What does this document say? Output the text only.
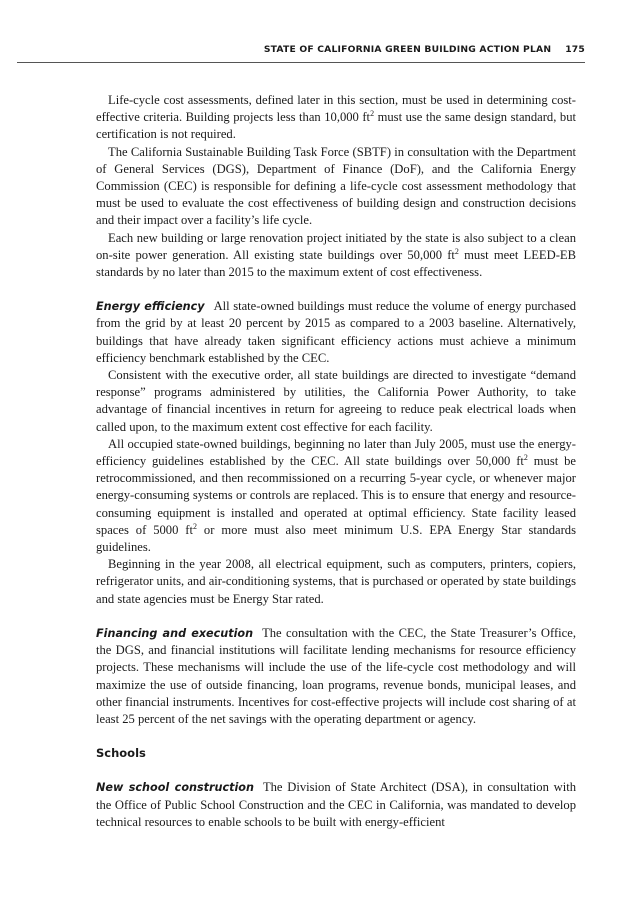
STATE OF CALIFORNIA GREEN BUILDING ACTION PLAN 175

Life-cycle cost assessments, defined later in this section, must be used in determining cost-effective criteria. Building projects less than 10,000 $ft^2$ must use the same design standard, but certification is not required.

The California Sustainable Building Task Force (SBTF) in consultation with the Department of General Services (DGS), Department of Finance (DoF), and the California Energy Commission (CEC) is responsible for defining a life-cycle cost assessment methodology that must be used to evaluate the cost effectiveness of building design and construction decisions and their impact over a facility’s life cycle.

Each new building or large renovation project initiated by the state is also subject to a clean on-site power generation. All existing state buildings over 50,000 $ft^2$ must meet LEED-EB standards by no later than 2015 to the maximum extent of cost effectiveness.

Energy efficiency All state-owned buildings must reduce the volume of energy purchased from the grid by at least 20 percent by 2015 as compared to a 2003 baseline. Alternatively, buildings that have already taken significant efficiency actions must achieve a minimum efficiency benchmark established by the CEC.

Consistent with the executive order, all state buildings are directed to investigate “demand response” programs administered by utilities, the California Power Authority, to take advantage of financial incentives in return for agreeing to reduce peak electrical loads when called upon, to the maximum extent cost effective for each facility.

All occupied state-owned buildings, beginning no later than July 2005, must use the energy-efficiency guidelines established by the CEC. All state buildings over 50,000 $ft^2$ must be retrocommissioned, and then recommissioned on a recurring 5-year cycle, or whenever major energy-consuming systems or controls are replaced. This is to ensure that energy and resource-consuming equipment is installed and operated at optimal efficiency. State facility leased spaces of 5000 $ft^2$ or more must also meet minimum U.S. EPA Energy Star standards guidelines.

Beginning in the year 2008, all electrical equipment, such as computers, printers, copiers, refrigerator units, and air-conditioning systems, that is purchased or operated by state buildings and state agencies must be Energy Star rated.

Financing and execution The consultation with the CEC, the State Treasurer’s Office, the DGS, and financial institutions will facilitate lending mechanisms for resource efficiency projects. These mechanisms will include the use of the life-cycle cost methodology and will maximize the use of outside financing, loan programs, revenue bonds, municipal leases, and other financial instruments. Incentives for cost-effective projects will include cost sharing of at least 25 percent of the net savings with the operating department or agency.

Schools

New school construction The Division of State Architect (DSA), in consultation with the Office of Public School Construction and the CEC in California, was mandated to develop technical resources to enable schools to be built with energy-efficient
